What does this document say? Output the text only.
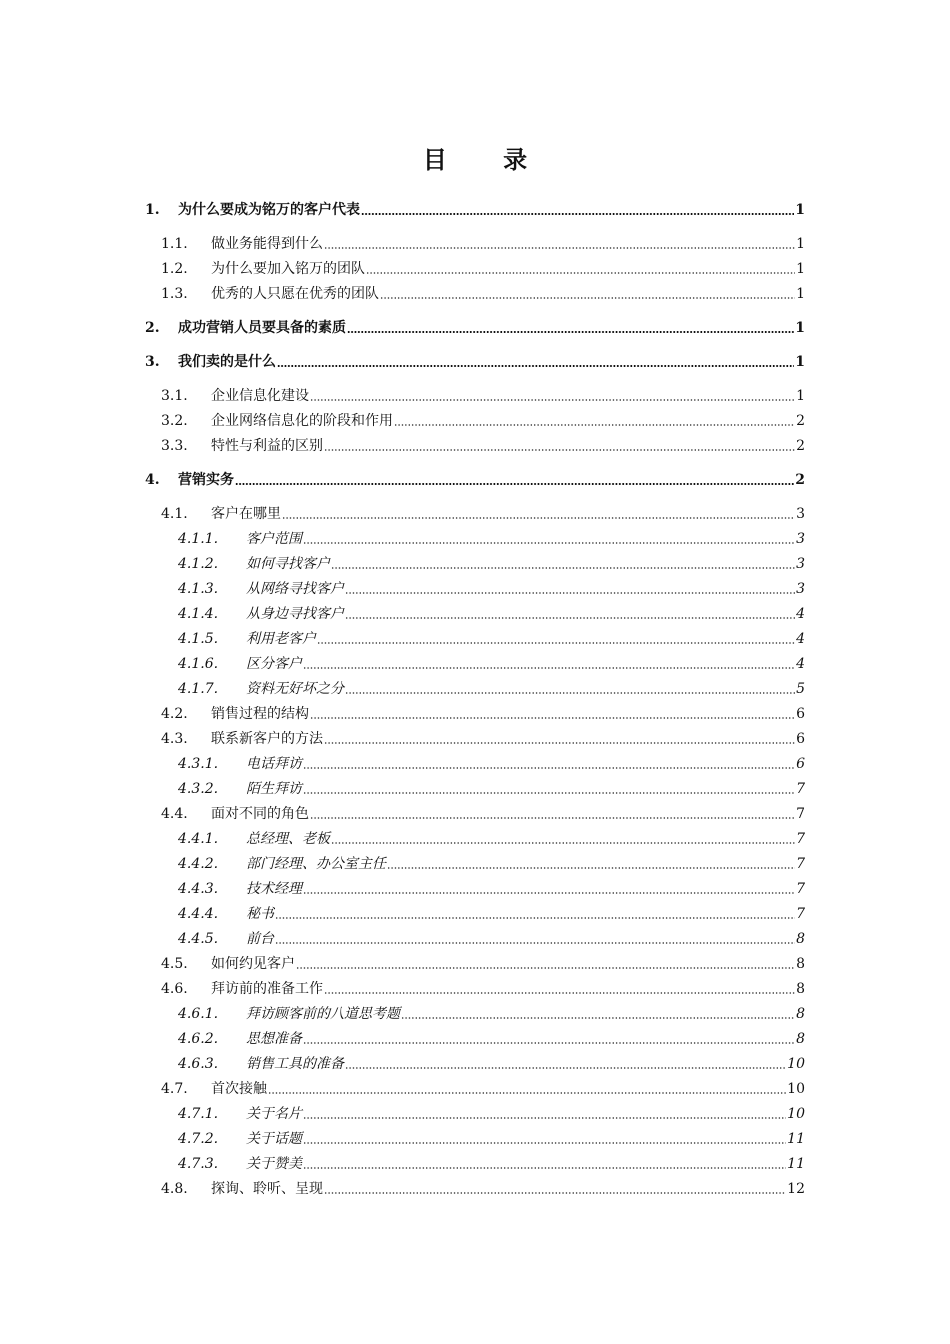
目 录
1.	为什么要成为铭万的客户代表	1
1.1.	做业务能得到什么	1
1.2.	为什么要加入铭万的团队	1
1.3.	优秀的人只愿在优秀的团队	1
2.	成功营销人员要具备的素质	1
3.	我们卖的是什么	1
3.1.	企业信息化建设	1
3.2.	企业网络信息化的阶段和作用	2
3.3.	特性与利益的区别	2
4.	营销实务	2
4.1.	客户在哪里	3
4.1.1.	客户范围	3
4.1.2.	如何寻找客户	3
4.1.3.	从网络寻找客户	3
4.1.4.	从身边寻找客户	4
4.1.5.	利用老客户	4
4.1.6.	区分客户	4
4.1.7.	资料无好坏之分	5
4.2.	销售过程的结构	6
4.3.	联系新客户的方法	6
4.3.1.	电话拜访	6
4.3.2.	陌生拜访	7
4.4.	面对不同的角色	7
4.4.1.	总经理、老板	7
4.4.2.	部门经理、办公室主任	7
4.4.3.	技术经理	7
4.4.4.	秘书	7
4.4.5.	前台	8
4.5.	如何约见客户	8
4.6.	拜访前的准备工作	8
4.6.1.	拜访顾客前的八道思考题	8
4.6.2.	思想准备	8
4.6.3.	销售工具的准备	10
4.7.	首次接触	10
4.7.1.	关于名片	10
4.7.2.	关于话题	11
4.7.3.	关于赞美	11
4.8.	探询、聆听、呈现	12
